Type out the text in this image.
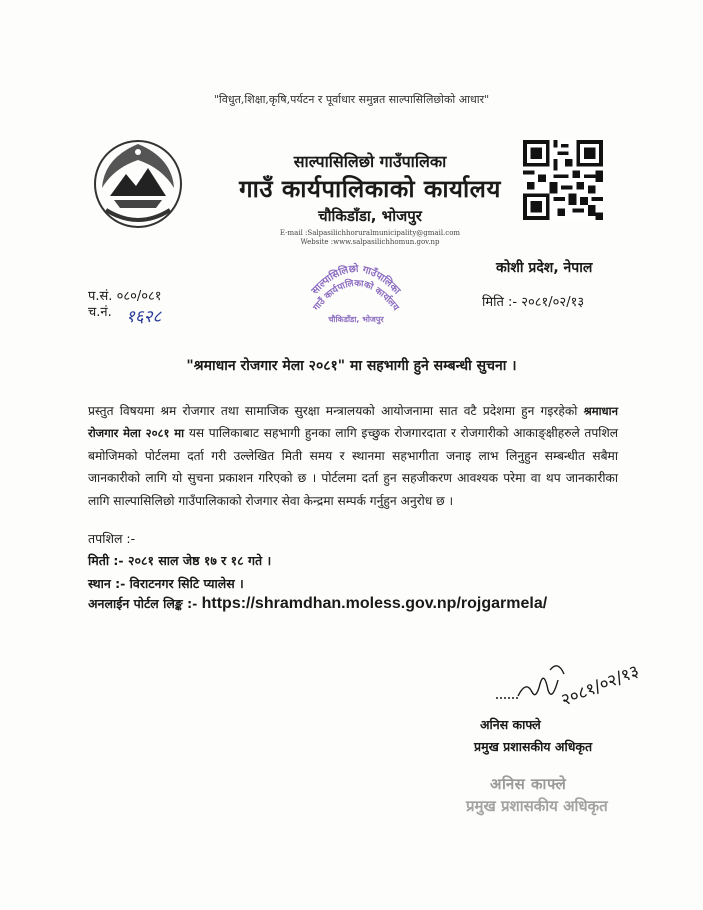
"विधुत,शिक्षा,कृषि,पर्यटन र पूर्वाधार समुन्नत साल्पासिलिछोको आधार"
साल्पासिलिछो गाउँपालिका
गाउँ कार्यपालिकाको कार्यालय
चौकिडाँडा, भोजपुर
E-mail :Salpasilichhoruralmunicipality@gmail.com
Website :www.salpasilichhomun.gov.np
कोशी प्रदेश, नेपाल
साल्पासिलिछो गाउँपालिका
गाउँ कार्यपालिकाको कार्यालय
चौकिडाँडा, भोजपुर
प.सं. ०८०/०८१
च.नं. १६२८
मिति :- २०८१/०२/१३
"श्रमाधान रोजगार मेला २०८१" मा सहभागी हुने सम्बन्धी सुचना ।
प्रस्तुत विषयमा श्रम रोजगार तथा सामाजिक सुरक्षा मन्त्रालयको आयोजनामा सात वटै प्रदेशमा हुन गइरहेको श्रमाधान रोजगार मेला २०८१ मा यस पालिकाबाट सहभागी हुनका लागि इच्छुक रोजगारदाता र रोजगारीको आकाङ्क्षीहरुले तपशिल बमोजिमको पोर्टलमा दर्ता गरी उल्लेखित मिती समय र स्थानमा सहभागीता जनाइ लाभ लिनुहुन सम्बन्धीत सबैमा जानकारीको लागि यो सुचना प्रकाशन गरिएको छ । पोर्टलमा दर्ता हुन सहजीकरण आवश्यक परेमा वा थप जानकारीका लागि साल्पासिलिछो गाउँपालिकाको रोजगार सेवा केन्द्रमा सम्पर्क गर्नुहुन अनुरोध छ ।
तपशिल :-
मिती :- २०८१ साल जेष्ठ १७ र १८ गते ।
स्थान :- विराटनगर सिटि प्यालेस ।
अनलाईन पोर्टल लिङ्क :- https://shramdhan.moless.gov.np/rojgarmela/
२०८१/०२/१३
अनिस काफ्ले
प्रमुख प्रशासकीय अधिकृत
अनिस काफ्ले
प्रमुख प्रशासकीय अधिकृत
